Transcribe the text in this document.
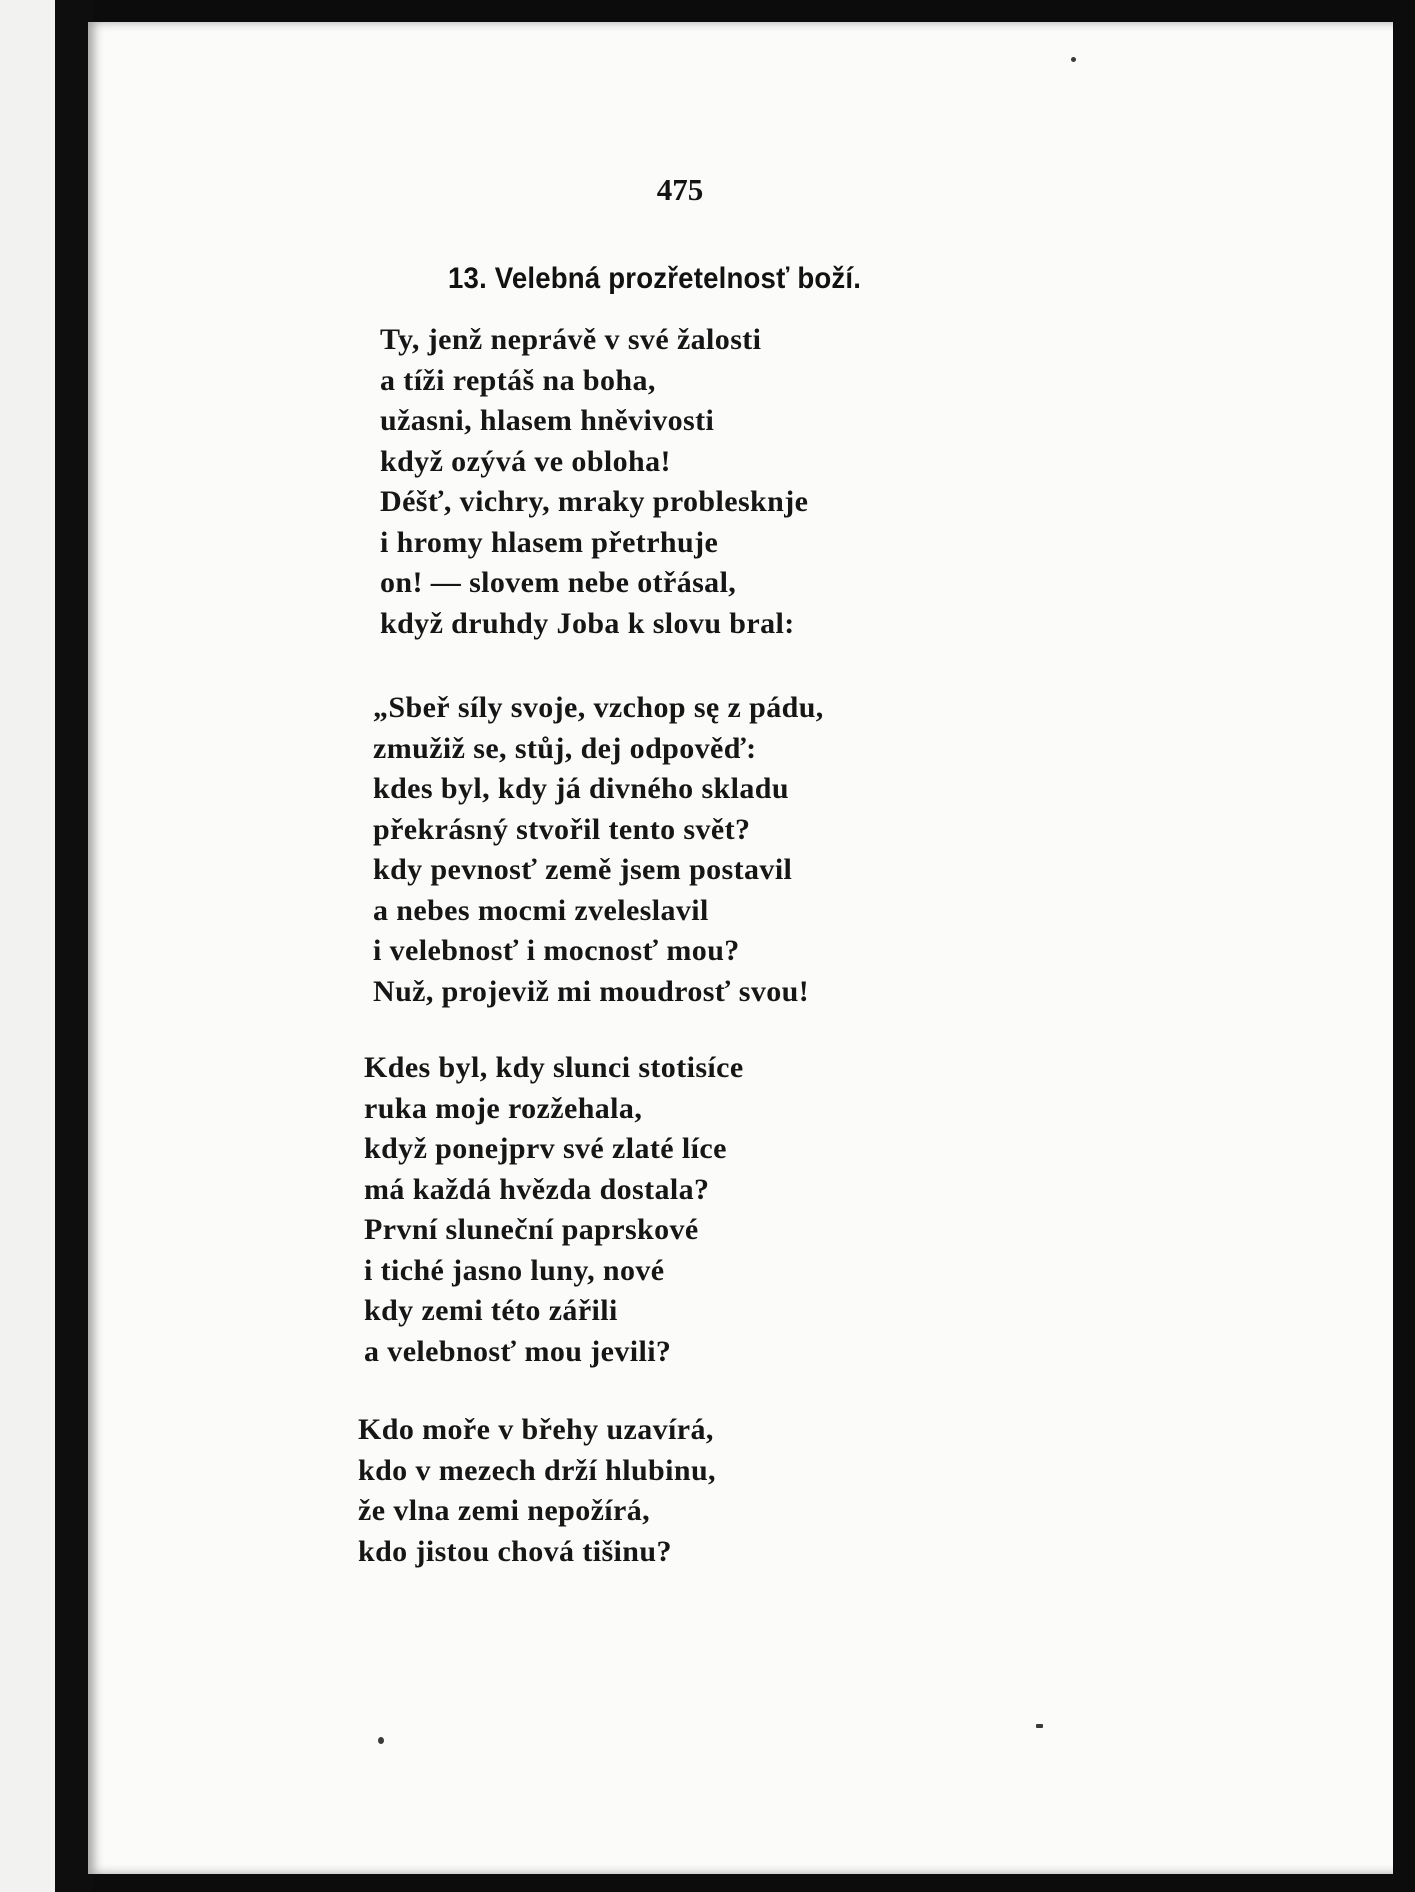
475
13. Velebná prozřetelnosť boží.
Ty, jenž neprávě v své žalosti
a tíži reptáš na boha,
užasni, hlasem hněvivosti
když ozývá ve obloha!
Déšť, vichry, mraky problesknje
i hromy hlasem přetrhuje
on! — slovem nebe otřásal,
když druhdy Joba k slovu bral:
„Sbeř síly svoje, vzchop sę z pádu,
zmužiž se, stůj, dej odpověď:
kdes byl, kdy já divného skladu
překrásný stvořil tento svět?
kdy pevnosť země jsem postavil
a nebes mocmi zveleslavil
i velebnosť i mocnosť mou?
Nuž, projeviž mi moudrosť svou!
Kdes byl, kdy slunci stotisíce
ruka moje rozžehala,
když ponejprv své zlaté líce
má každá hvězda dostala?
První sluneční paprskové
i tiché jasno luny, nové
kdy zemi této zářili
a velebnosť mou jevili?
Kdo moře v břehy uzavírá,
kdo v mezech drží hlubinu,
že vlna zemi nepožírá,
kdo jistou chová tišinu?
